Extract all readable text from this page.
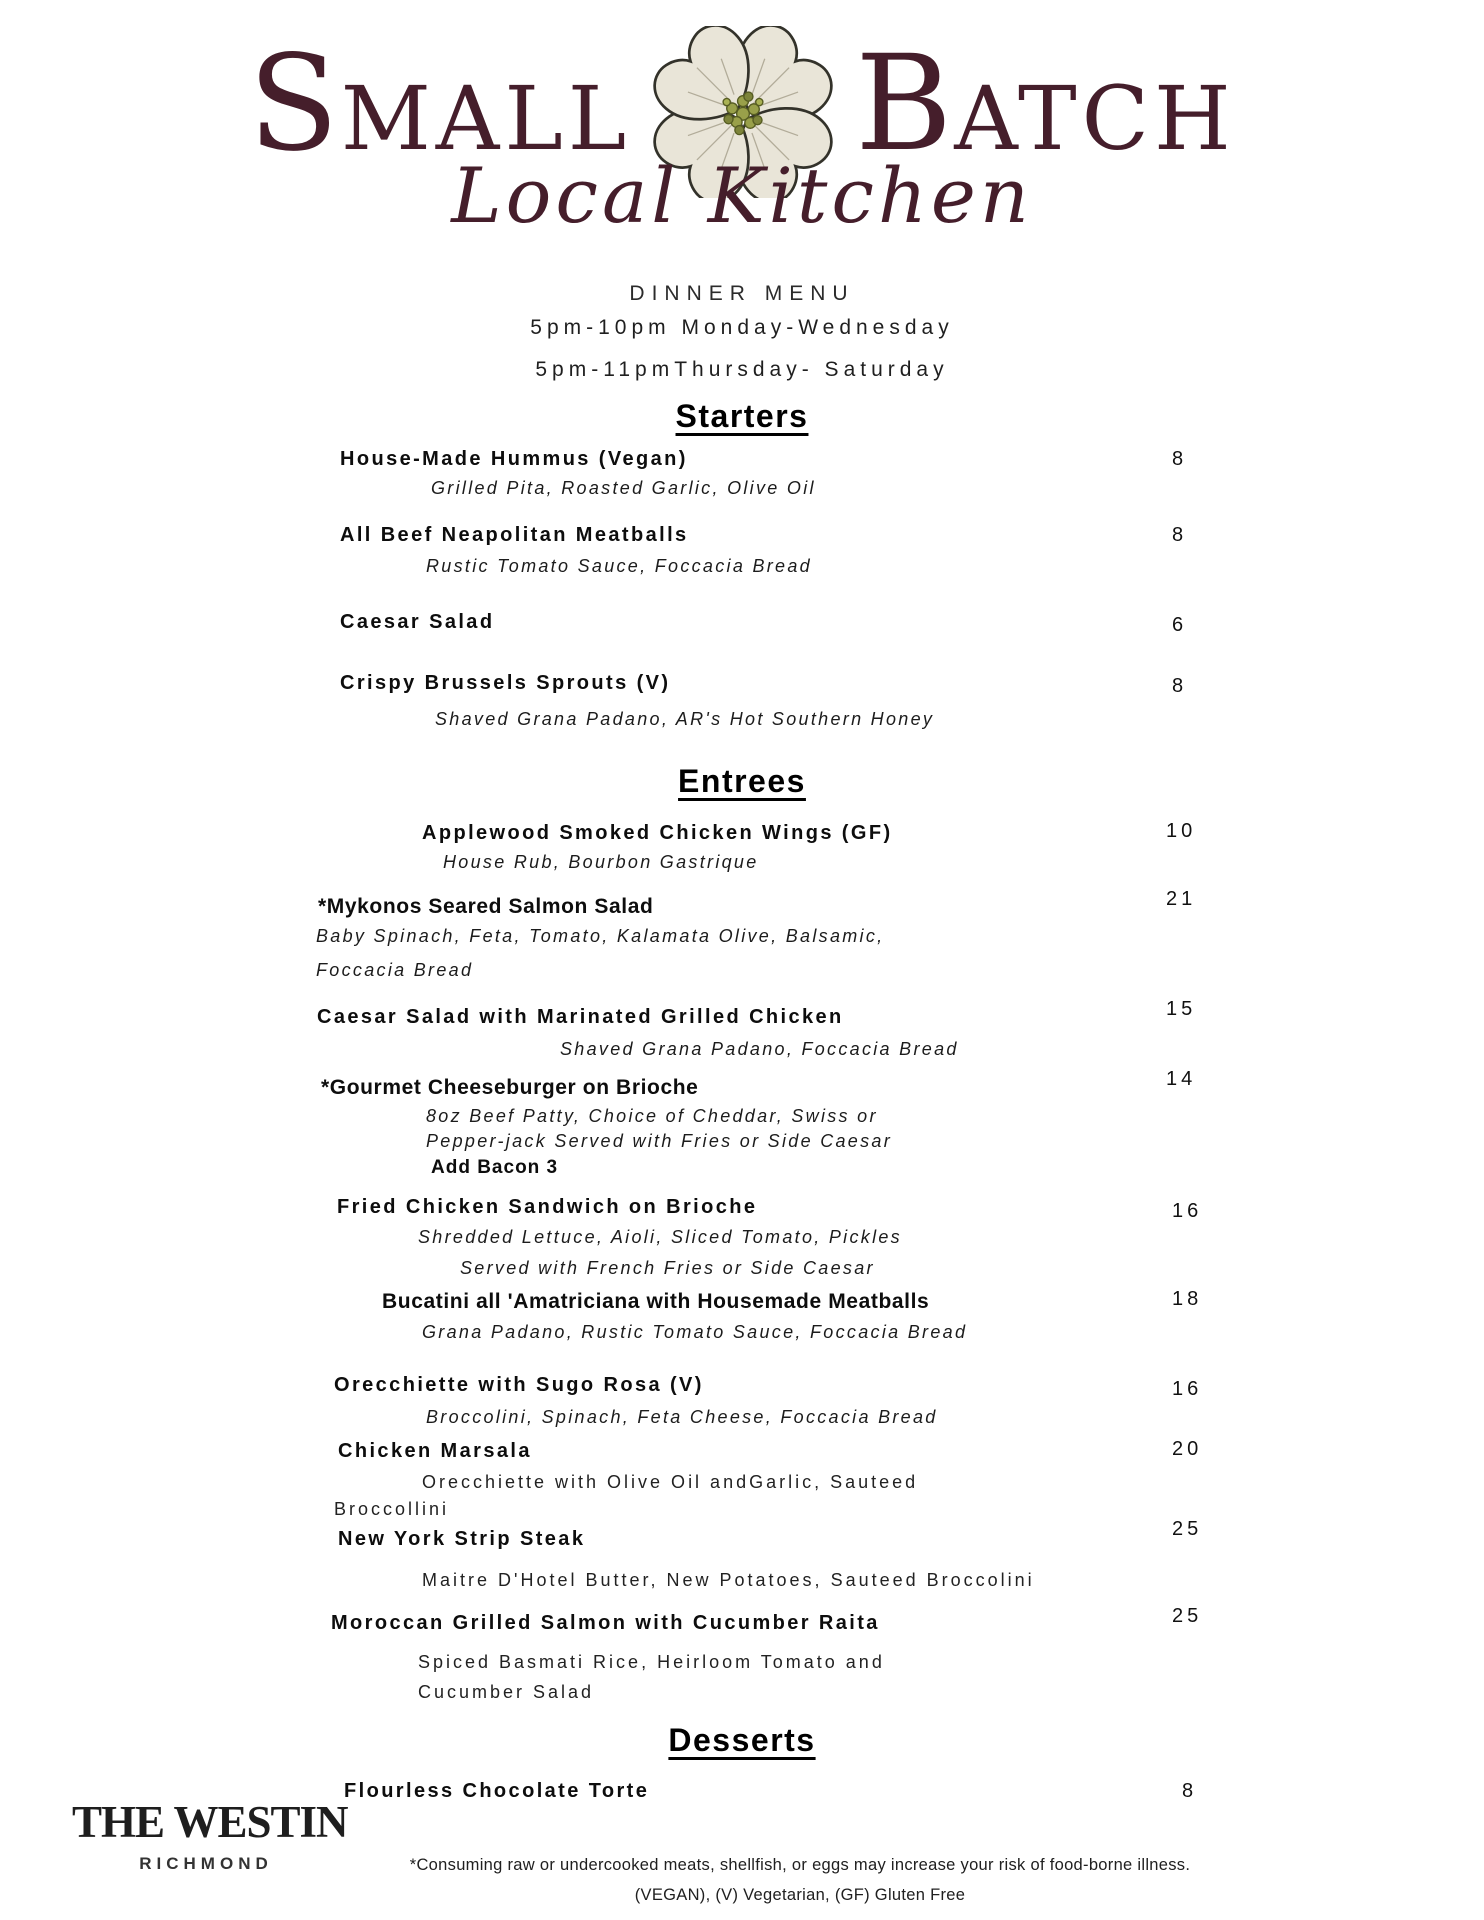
SMALL	BATCH
Local Kitchen
DINNER MENU
5pm-10pm Monday-Wednesday
5pm-11pmThursday- Saturday
Starters
House-Made Hummus (Vegan)	8
Grilled Pita, Roasted Garlic, Olive Oil
All Beef Neapolitan Meatballs	8
Rustic Tomato Sauce, Foccacia Bread
Caesar Salad	6
Crispy Brussels Sprouts (V)	8
Shaved Grana Padano, AR's Hot Southern Honey
Entrees
Applewood Smoked Chicken Wings (GF)	10
House Rub, Bourbon Gastrique
*Mykonos Seared Salmon Salad	21
Baby Spinach, Feta, Tomato, Kalamata Olive, Balsamic,
Foccacia Bread
Caesar Salad with Marinated Grilled Chicken	15
Shaved Grana Padano, Foccacia Bread
*Gourmet Cheeseburger on Brioche	14
8oz Beef Patty, Choice of Cheddar, Swiss or
Pepper-jack Served with Fries or Side Caesar
Add Bacon 3
Fried Chicken Sandwich on Brioche	16
Shredded Lettuce, Aioli, Sliced Tomato, Pickles
Served with French Fries or Side Caesar
Bucatini all 'Amatriciana with Housemade Meatballs	18
Grana Padano, Rustic Tomato Sauce, Foccacia Bread
Orecchiette with Sugo Rosa (V)	16
Broccolini, Spinach, Feta Cheese, Foccacia Bread
Chicken Marsala	20
Orecchiette with Olive Oil andGarlic, Sauteed
Broccollini
New York Strip Steak	25
Maitre D'Hotel Butter, New Potatoes, Sauteed Broccolini
Moroccan Grilled Salmon with Cucumber Raita	25
Spiced Basmati Rice, Heirloom Tomato and
Cucumber Salad
Desserts
Flourless Chocolate Torte	8
THE WESTIN
RICHMOND	*Consuming raw or undercooked meats, shellfish, or eggs may increase your risk of food-borne illness.
(VEGAN), (V) Vegetarian, (GF) Gluten Free
